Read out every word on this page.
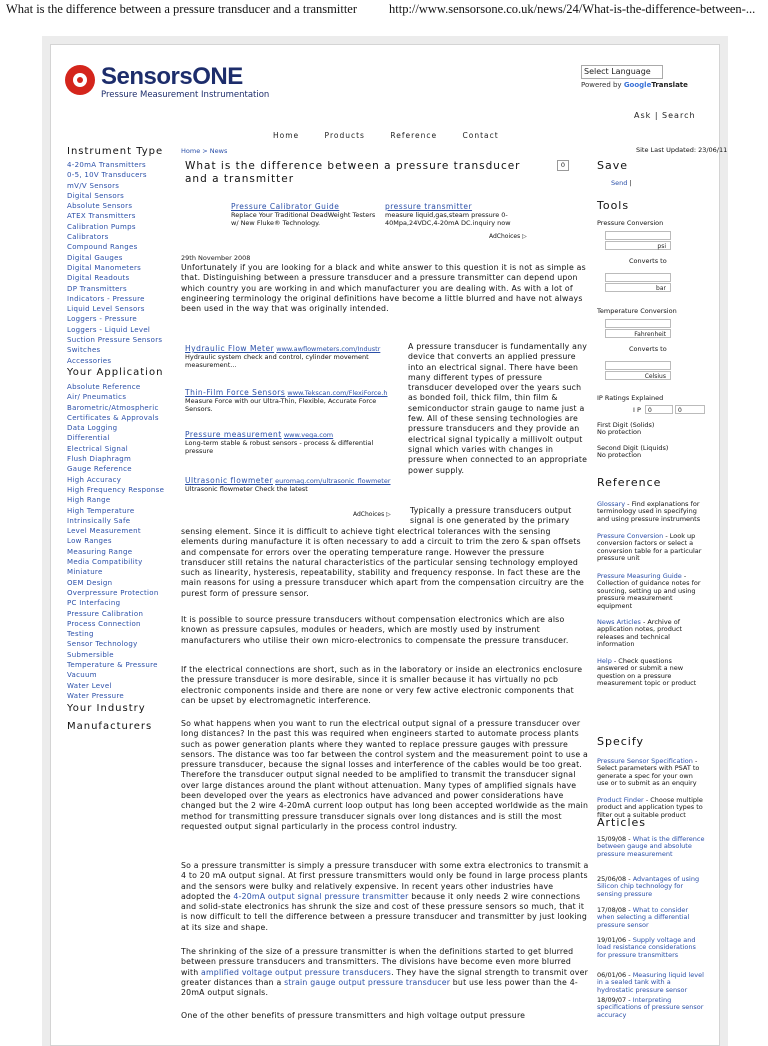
What is the difference between a pressure transducer and a transmitter	http://www.sensorsone.co.uk/news/24/What-is-the-difference-between-...
SensorsONE
Pressure Measurement Instrumentation
Select Language
Powered by GoogleTranslate
Ask | Search
Home	Products	Reference	Contact
Instrument Type
4-20mA Transmitters
0-5, 10V Transducers
mV/V Sensors
Digital Sensors
Absolute Sensors
ATEX Transmitters
Calibration Pumps
Calibrators
Compound Ranges
Digital Gauges
Digital Manometers
Digital Readouts
DP Transmitters
Indicators - Pressure
Liquid Level Sensors
Loggers - Pressure
Loggers - Liquid Level
Suction Pressure Sensors
Switches
Accessories
Your Application
Absolute Reference
Air/ Pneumatics
Barometric/Atmospheric
Certificates & Approvals
Data Logging
Differential
Electrical Signal
Flush Diaphragm
Gauge Reference
High Accuracy
High Frequency Response
High Range
High Temperature
Intrinsically Safe
Level Measurement
Low Ranges
Measuring Range
Media Compatibility
Miniature
OEM Design
Overpressure Protection
PC Interfacing
Pressure Calibration
Process Connection
Testing
Sensor Technology
Submersible
Temperature & Pressure
Vacuum
Water Level
Water Pressure
Your Industry
Manufacturers
Home > News
What is the difference between a pressure transducer and a transmitter
0
Pressure Calibrator Guide
Replace Your Traditional DeadWeight Testers w/ New Fluke® Technology.
pressure transmitter
measure liquid,gas,steam pressure 0-40Mpa,24VDC,4-20mA DC.inquiry now
AdChoices ▷
29th November 2008
Unfortunately if you are looking for a black and white answer to this question it is not as simple as that. Distinguishing between a pressure transducer and a pressure transmitter can depend upon which country you are working in and which manufacturer you are dealing with. As with a lot of engineering terminology the original definitions have become a little blurred and have not always been used in the way that was originally intended.
Hydraulic Flow Meter www.awflowmeters.com/Industr
Hydraulic system check and control, cylinder movement measurement...
Thin-Film Force Sensors www.Tekscan.com/FlexiForce.h
Measure Force with our Ultra-Thin, Flexible, Accurate Force Sensors.
Pressure measurement www.vega.com
Long-term stable & robust sensors - process & differential pressure
Ultrasonic flowmeter euromag.com/ultrasonic_flowmeter
Ultrasonic flowmeter Check the latest
AdChoices ▷
A pressure transducer is fundamentally any device that converts an applied pressure into an electrical signal. There have been many different types of pressure transducer developed over the years such as bonded foil, thick film, thin film & semiconductor strain gauge to name just a few. All of these sensing technologies are pressure transducers and they provide an electrical signal typically a millivolt output signal which varies with changes in pressure when connected to an appropriate power supply.
Typically a pressure transducers output signal is one generated by the primary
sensing element. Since it is difficult to achieve tight electrical tolerances with the sensing elements during manufacture it is often necessary to add a circuit to trim the zero & span offsets and compensate for errors over the operating temperature range. However the pressure transducer still retains the natural characteristics of the particular sensing technology employed such as linearity, hysteresis, repeatability, stability and frequency response. In fact these are the main reasons for using a pressure transducer which apart from the compensation circuitry are the purest form of pressure sensor.
It is possible to source pressure transducers without compensation electronics which are also known as pressure capsules, modules or headers, which are mostly used by instrument manufacturers who utilise their own micro-electronics to compensate the pressure transducer.
If the electrical connections are short, such as in the laboratory or inside an electronics enclosure the pressure transducer is more desirable, since it is smaller because it has virtually no pcb electronic components inside and there are none or very few active electronic components that can be upset by electromagnetic interference.
So what happens when you want to run the electrical output signal of a pressure transducer over long distances? In the past this was required when engineers started to automate process plants such as power generation plants where they wanted to replace pressure gauges with pressure sensors. The distance was too far between the control system and the measurement point to use a pressure transducer, because the signal losses and interference of the cables would be too great. Therefore the transducer output signal needed to be amplified to transmit the transducer signal over large distances around the plant without attenuation. Many types of amplified signals have been developed over the years as electronics have advanced and power considerations have changed but the 2 wire 4-20mA current loop output has long been accepted worldwide as the main method for transmitting pressure transducer signals over long distances and is still the most requested output signal particularly in the process control industry.
So a pressure transmitter is simply a pressure transducer with some extra electronics to transmit a 4 to 20 mA output signal. At first pressure transmitters would only be found in large process plants and the sensors were bulky and relatively expensive. In recent years other industries have adopted the 4-20mA output signal pressure transmitter because it only needs 2 wire connections and solid-state electronics has shrunk the size and cost of these pressure sensors so much, that it is now difficult to tell the difference between a pressure transducer and transmitter by just looking at its size and shape.
The shrinking of the size of a pressure transmitter is when the definitions started to get blurred between pressure transducers and transmitters. The divisions have become even more blurred with amplified voltage output pressure transducers. They have the signal strength to transmit over greater distances than a strain gauge output pressure transducer but use less power than the 4-20mA output signals.
One of the other benefits of pressure transmitters and high voltage output pressure
Site Last Updated: 23/06/11
Save
Send |
Tools
Pressure Conversion
psi
Converts to
bar
Temperature Conversion
Fahrenheit
Converts to
Celsius
IP Ratings Explained
I P	0	0
First Digit (Solids)
No protection
Second Digit (Liquids)
No protection
Reference
Glossary - Find explanations for terminology used in specifying and using pressure instruments
Pressure Conversion - Look up conversion factors or select a conversion table for a particular pressure unit
Pressure Measuring Guide - Collection of guidance notes for sourcing, setting up and using pressure measurement equipment
News Articles - Archive of application notes, product releases and technical information
Help - Check questions answered or submit a new question on a pressure measurement topic or product
Specify
Pressure Sensor Specification - Select parameters with PSAT to generate a spec for your own use or to submit as an enquiry
Product Finder - Choose multiple product and application types to filter out a suitable product
Articles
15/09/08 - What is the difference between gauge and absolute pressure measurement
25/06/08 - Advantages of using Silicon chip technology for sensing pressure
17/08/08 - What to consider when selecting a differential pressure sensor
19/01/06 - Supply voltage and load resistance considerations for pressure transmitters
06/01/06 - Measuring liquid level in a sealed tank with a hydrostatic pressure sensor
18/09/07 - Interpreting specifications of pressure sensor accuracy
